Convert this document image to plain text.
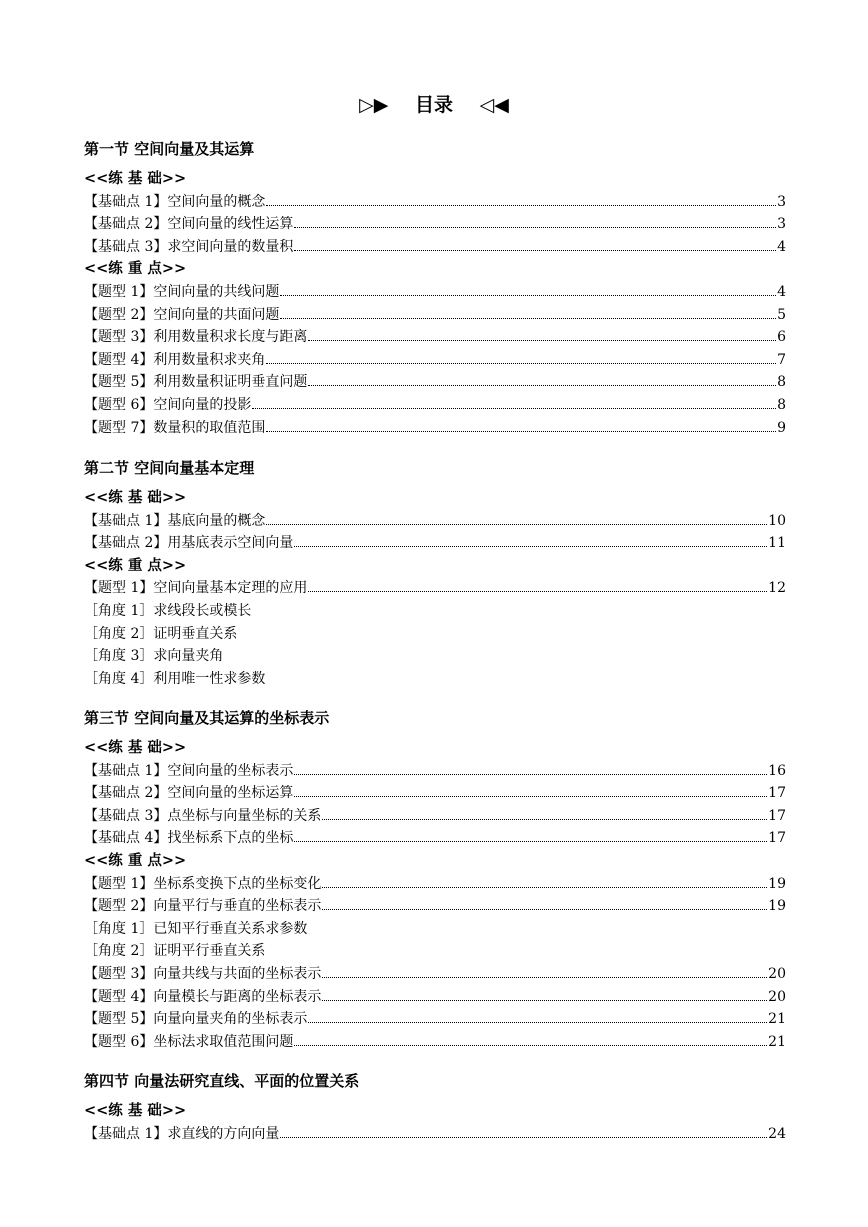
▷▶ 目录 ◁◀
第一节 空间向量及其运算
<<练 基 础>>
【基础点 1】 空间向量的概念	3
【基础点 2】 空间向量的线性运算	3
【基础点 3】 求空间向量的数量积	4
<<练 重 点>>
【题型 1】 空间向量的共线问题	4
【题型 2】 空间向量的共面问题	5
【题型 3】 利用数量积求长度与距离	6
【题型 4】 利用数量积求夹角	7
【题型 5】 利用数量积证明垂直问题	8
【题型 6】 空间向量的投影	8
【题型 7】 数量积的取值范围	9
第二节 空间向量基本定理
<<练 基 础>>
【基础点 1】 基底向量的概念	10
【基础点 2】 用基底表示空间向量	11
<<练 重 点>>
【题型 1】 空间向量基本定理的应用	12
［角度 1］求线段长或模长
［角度 2］证明垂直关系
［角度 3］求向量夹角
［角度 4］利用唯一性求参数
第三节 空间向量及其运算的坐标表示
<<练 基 础>>
【基础点 1】 空间向量的坐标表示	16
【基础点 2】 空间向量的坐标运算	17
【基础点 3】 点坐标与向量坐标的关系	17
【基础点 4】 找坐标系下点的坐标	17
<<练 重 点>>
【题型 1】 坐标系变换下点的坐标变化	19
【题型 2】 向量平行与垂直的坐标表示	19
［角度 1］已知平行垂直关系求参数
［角度 2］证明平行垂直关系
【题型 3】 向量共线与共面的坐标表示	20
【题型 4】 向量模长与距离的坐标表示	20
【题型 5】 向量向量夹角的坐标表示	21
【题型 6】 坐标法求取值范围问题	21
第四节 向量法研究直线、平面的位置关系
<<练 基 础>>
【基础点 1】 求直线的方向向量	24
